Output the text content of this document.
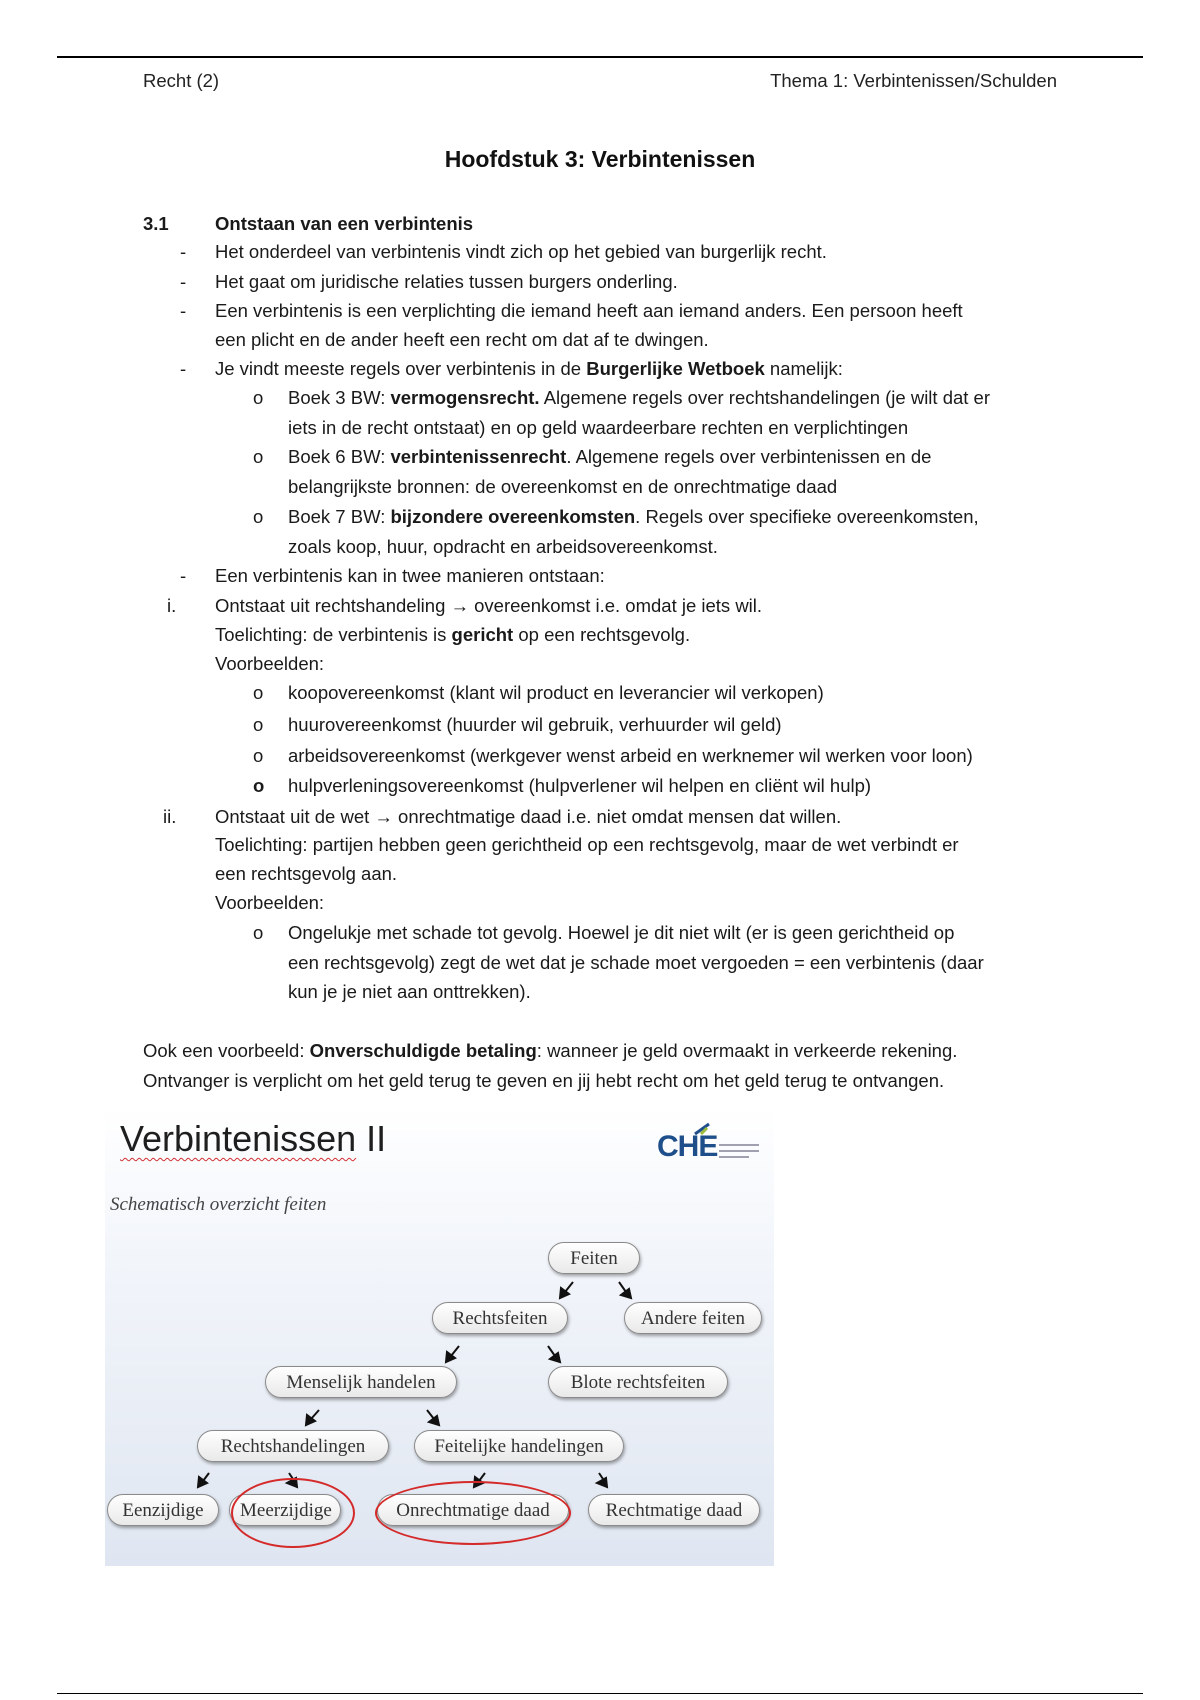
Recht (2)	Thema 1: Verbintenissen/Schulden
Hoofdstuk 3: Verbintenissen
3.1	Ontstaan van een verbintenis
- Het onderdeel van verbintenis vindt zich op het gebied van burgerlijk recht.
- Het gaat om juridische relaties tussen burgers onderling.
- Een verbintenis is een verplichting die iemand heeft aan iemand anders. Een persoon heeft
een plicht en de ander heeft een recht om dat af te dwingen.
- Je vindt meeste regels over verbintenis in de Burgerlijke Wetboek namelijk:
o Boek 3 BW: vermogensrecht. Algemene regels over rechtshandelingen (je wilt dat er
iets in de recht ontstaat) en op geld waardeerbare rechten en verplichtingen
o Boek 6 BW: verbintenissenrecht. Algemene regels over verbintenissen en de
belangrijkste bronnen: de overeenkomst en de onrechtmatige daad
o Boek 7 BW: bijzondere overeenkomsten. Regels over specifieke overeenkomsten,
zoals koop, huur, opdracht en arbeidsovereenkomst.
- Een verbintenis kan in twee manieren ontstaan:
i. Ontstaat uit rechtshandeling → overeenkomst i.e. omdat je iets wil.
Toelichting: de verbintenis is gericht op een rechtsgevolg.
Voorbeelden:
o koopovereenkomst (klant wil product en leverancier wil verkopen)
o huurovereenkomst (huurder wil gebruik, verhuurder wil geld)
o arbeidsovereenkomst (werkgever wenst arbeid en werknemer wil werken voor loon)
o hulpverleningsovereenkomst (hulpverlener wil helpen en cliënt wil hulp)
ii. Ontstaat uit de wet → onrechtmatige daad i.e. niet omdat mensen dat willen.
Toelichting: partijen hebben geen gerichtheid op een rechtsgevolg, maar de wet verbindt er
een rechtsgevolg aan.
Voorbeelden:
o Ongelukje met schade tot gevolg. Hoewel je dit niet wilt (er is geen gerichtheid op
een rechtsgevolg) zegt de wet dat je schade moet vergoeden = een verbintenis (daar
kun je je niet aan onttrekken).
Ook een voorbeeld: Onverschuldigde betaling: wanneer je geld overmaakt in verkeerde rekening.
Ontvanger is verplicht om het geld terug te geven en jij hebt recht om het geld terug te ontvangen.
Verbintenissen II	CHE
Schematisch overzicht feiten
Feiten
Rechtsfeiten	Andere feiten
Menselijk handelen	Blote rechtsfeiten
Rechtshandelingen	Feitelijke handelingen
Eenzijdige	Meerzijdige	Onrechtmatige daad	Rechtmatige daad
